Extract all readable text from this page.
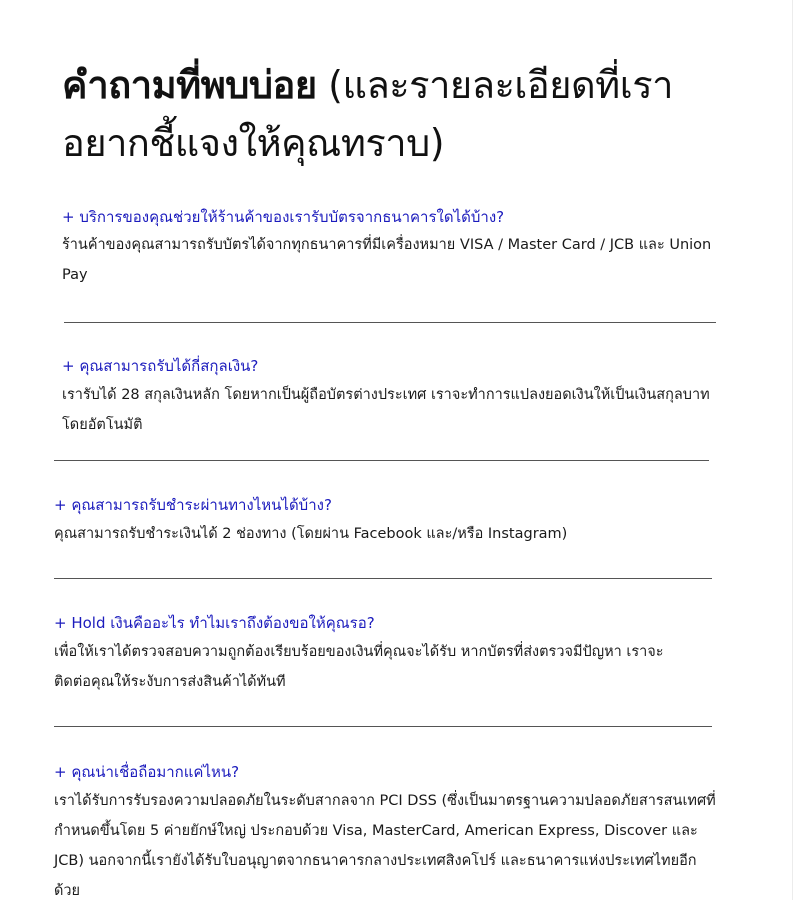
คำถามที่พบบ่อย (และรายละเอียดที่เราอยากชี้แจงให้คุณทราบ)
+ บริการของคุณช่วยให้ร้านค้าของเรารับบัตรจากธนาคารใดได้บ้าง?
ร้านค้าของคุณสามารถรับบัตรได้จากทุกธนาคารที่มีเครื่องหมาย VISA / Master Card / JCB และ Union Pay
+ คุณสามารถรับได้กี่สกุลเงิน?
เรารับได้ 28 สกุลเงินหลัก โดยหากเป็นผู้ถือบัตรต่างประเทศ เราจะทำการแปลงยอดเงินให้เป็นเงินสกุลบาทโดยอัตโนมัติ
+ คุณสามารถรับชำระผ่านทางไหนได้บ้าง?
คุณสามารถรับชำระเงินได้ 2 ช่องทาง (โดยผ่าน Facebook และ/หรือ Instagram)
+ Hold เงินคืออะไร ทำไมเราถึงต้องขอให้คุณรอ?
เพื่อให้เราได้ตรวจสอบความถูกต้องเรียบร้อยของเงินที่คุณจะได้รับ หากบัตรที่ส่งตรวจมีปัญหา เราจะติดต่อคุณให้ระงับการส่งสินค้าได้ทันที
+ คุณน่าเชื่อถือมากแค่ไหน?
เราได้รับการรับรองความปลอดภัยในระดับสากลจาก PCI DSS (ซึ่งเป็นมาตรฐานความปลอดภัยสารสนเทศที่กำหนดขึ้นโดย 5 ค่ายยักษ์ใหญ่ ประกอบด้วย Visa, MasterCard, American Express, Discover และ JCB) นอกจากนี้เรายังได้รับใบอนุญาตจากธนาคารกลางประเทศสิงคโปร์ และธนาคารแห่งประเทศไทยอีกด้วย
